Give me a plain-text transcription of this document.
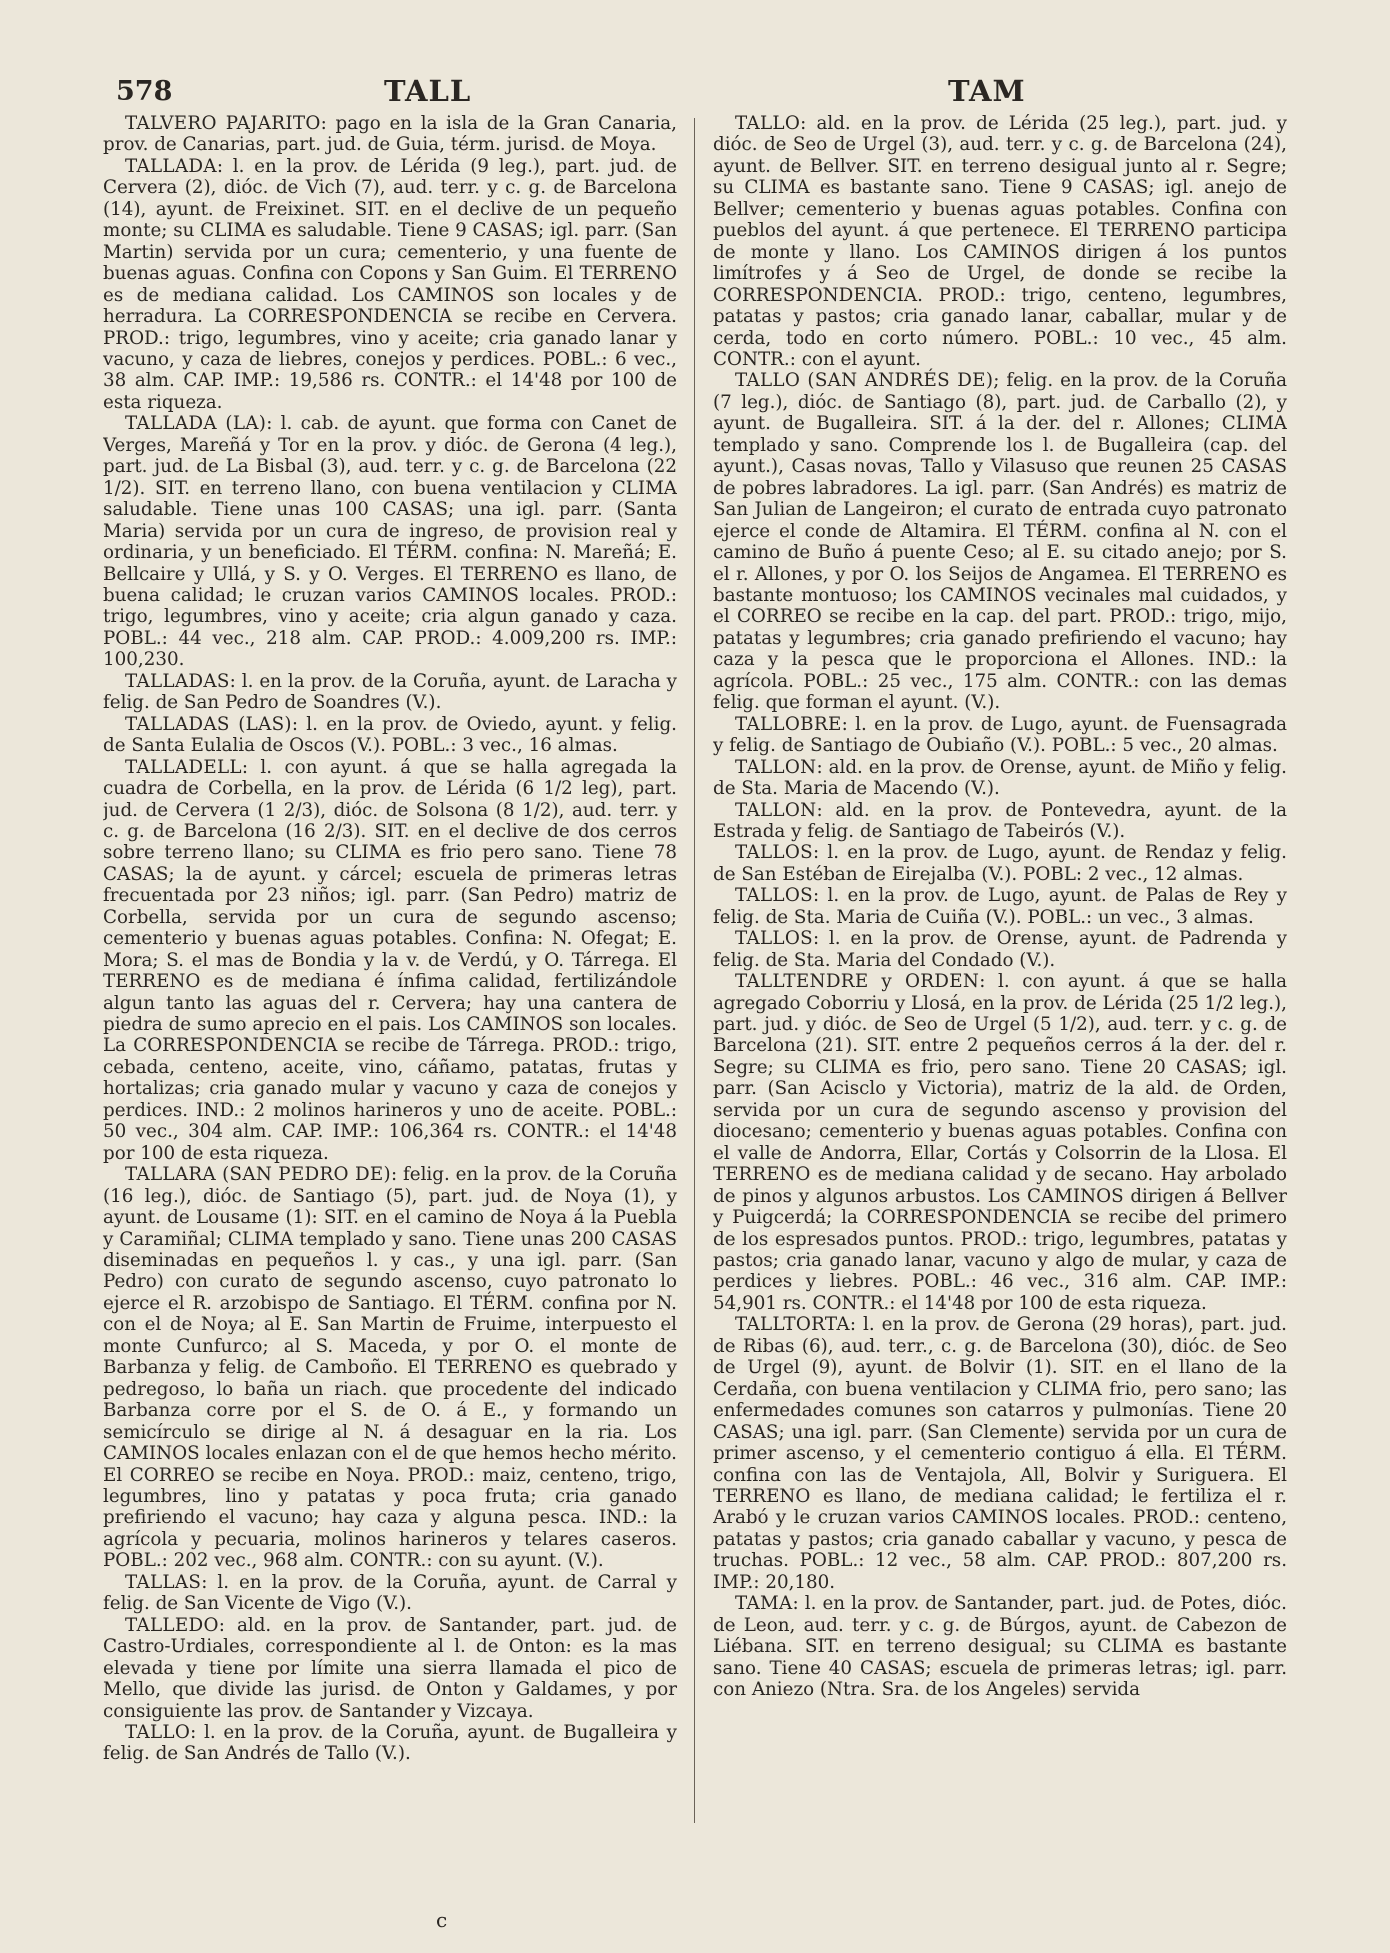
578	TALL	TAM

TALVERO PAJARITO: pago en la isla de la Gran Canaria, prov. de Canarias, part. jud. de Guia, térm. jurisd. de Moya.

TALLADA: l. en la prov. de Lérida (9 leg.), part. jud. de Cervera (2), dióc. de Vich (7), aud. terr. y c. g. de Barcelona (14), ayunt. de Freixinet. SIT. en el declive de un pequeño monte; su CLIMA es saludable. Tiene 9 CASAS; igl. parr. (San Martin) servida por un cura; cementerio, y una fuente de buenas aguas. Confina con Copons y San Guim. El TERRENO es de mediana calidad. Los CAMINOS son locales y de herradura. La CORRESPONDENCIA se recibe en Cervera. PROD.: trigo, legumbres, vino y aceite; cria ganado lanar y vacuno, y caza de liebres, conejos y perdices. POBL.: 6 vec., 38 alm. CAP. IMP.: 19,586 rs. CONTR.: el 14'48 por 100 de esta riqueza.

TALLADA (LA): l. cab. de ayunt. que forma con Canet de Verges, Mareñá y Tor en la prov. y dióc. de Gerona (4 leg.), part. jud. de La Bisbal (3), aud. terr. y c. g. de Barcelona (22 1/2). SIT. en terreno llano, con buena ventilacion y CLIMA saludable. Tiene unas 100 CASAS; una igl. parr. (Santa Maria) servida por un cura de ingreso, de provision real y ordinaria, y un beneficiado. El TÉRM. confina: N. Mareñá; E. Bellcaire y Ullá, y S. y O. Verges. El TERRENO es llano, de buena calidad; le cruzan varios CAMINOS locales. PROD.: trigo, legumbres, vino y aceite; cria algun ganado y caza. POBL.: 44 vec., 218 alm. CAP. PROD.: 4.009,200 rs. IMP.: 100,230.

TALLADAS: l. en la prov. de la Coruña, ayunt. de Laracha y felig. de San Pedro de Soandres (V.).

TALLADAS (LAS): l. en la prov. de Oviedo, ayunt. y felig. de Santa Eulalia de Oscos (V.). POBL.: 3 vec., 16 almas.

TALLADELL: l. con ayunt. á que se halla agregada la cuadra de Corbella, en la prov. de Lérida (6 1/2 leg), part. jud. de Cervera (1 2/3), dióc. de Solsona (8 1/2), aud. terr. y c. g. de Barcelona (16 2/3). SIT. en el declive de dos cerros sobre terreno llano; su CLIMA es frio pero sano. Tiene 78 CASAS; la de ayunt. y cárcel; escuela de primeras letras frecuentada por 23 niños; igl. parr. (San Pedro) matriz de Corbella, servida por un cura de segundo ascenso; cementerio y buenas aguas potables. Confina: N. Ofegat; E. Mora; S. el mas de Bondia y la v. de Verdú, y O. Tárrega. El TERRENO es de mediana é ínfima calidad, fertilizándole algun tanto las aguas del r. Cervera; hay una cantera de piedra de sumo aprecio en el pais. Los CAMINOS son locales. La CORRESPONDENCIA se recibe de Tárrega. PROD.: trigo, cebada, centeno, aceite, vino, cáñamo, patatas, frutas y hortalizas; cria ganado mular y vacuno y caza de conejos y perdices. IND.: 2 molinos harineros y uno de aceite. POBL.: 50 vec., 304 alm. CAP. IMP.: 106,364 rs. CONTR.: el 14'48 por 100 de esta riqueza.

TALLARA (SAN PEDRO DE): felig. en la prov. de la Coruña (16 leg.), dióc. de Santiago (5), part. jud. de Noya (1), y ayunt. de Lousame (1): SIT. en el camino de Noya á la Puebla y Caramiñal; CLIMA templado y sano. Tiene unas 200 CASAS diseminadas en pequeños l. y cas., y una igl. parr. (San Pedro) con curato de segundo ascenso, cuyo patronato lo ejerce el R. arzobispo de Santiago. El TÉRM. confina por N. con el de Noya; al E. San Martin de Fruime, interpuesto el monte Cunfurco; al S. Maceda, y por O. el monte de Barbanza y felig. de Camboño. El TERRENO es quebrado y pedregoso, lo baña un riach. que procedente del indicado Barbanza corre por el S. de O. á E., y formando un semicírculo se dirige al N. á desaguar en la ria. Los CAMINOS locales enlazan con el de que hemos hecho mérito. El CORREO se recibe en Noya. PROD.: maiz, centeno, trigo, legumbres, lino y patatas y poca fruta; cria ganado prefiriendo el vacuno; hay caza y alguna pesca. IND.: la agrícola y pecuaria, molinos harineros y telares caseros. POBL.: 202 vec., 968 alm. CONTR.: con su ayunt. (V.).

TALLAS: l. en la prov. de la Coruña, ayunt. de Carral y felig. de San Vicente de Vigo (V.).

TALLEDO: ald. en la prov. de Santander, part. jud. de Castro-Urdiales, correspondiente al l. de Onton: es la mas elevada y tiene por límite una sierra llamada el pico de Mello, que divide las jurisd. de Onton y Galdames, y por consiguiente las prov. de Santander y Vizcaya.

TALLO: l. en la prov. de la Coruña, ayunt. de Bugalleira y felig. de San Andrés de Tallo (V.).

TALLO: ald. en la prov. de Lérida (25 leg.), part. jud. y dióc. de Seo de Urgel (3), aud. terr. y c. g. de Barcelona (24), ayunt. de Bellver. SIT. en terreno desigual junto al r. Segre; su CLIMA es bastante sano. Tiene 9 CASAS; igl. anejo de Bellver; cementerio y buenas aguas potables. Confina con pueblos del ayunt. á que pertenece. El TERRENO participa de monte y llano. Los CAMINOS dirigen á los puntos limítrofes y á Seo de Urgel, de donde se recibe la CORRESPONDENCIA. PROD.: trigo, centeno, legumbres, patatas y pastos; cria ganado lanar, caballar, mular y de cerda, todo en corto número. POBL.: 10 vec., 45 alm. CONTR.: con el ayunt.

TALLO (SAN ANDRÉS DE); felig. en la prov. de la Coruña (7 leg.), dióc. de Santiago (8), part. jud. de Carballo (2), y ayunt. de Bugalleira. SIT. á la der. del r. Allones; CLIMA templado y sano. Comprende los l. de Bugalleira (cap. del ayunt.), Casas novas, Tallo y Vilasuso que reunen 25 CASAS de pobres labradores. La igl. parr. (San Andrés) es matriz de San Julian de Langeiron; el curato de entrada cuyo patronato ejerce el conde de Altamira. El TÉRM. confina al N. con el camino de Buño á puente Ceso; al E. su citado anejo; por S. el r. Allones, y por O. los Seijos de Angamea. El TERRENO es bastante montuoso; los CAMINOS vecinales mal cuidados, y el CORREO se recibe en la cap. del part. PROD.: trigo, mijo, patatas y legumbres; cria ganado prefiriendo el vacuno; hay caza y la pesca que le proporciona el Allones. IND.: la agrícola. POBL.: 25 vec., 175 alm. CONTR.: con las demas felig. que forman el ayunt. (V.).

TALLOBRE: l. en la prov. de Lugo, ayunt. de Fuensagrada y felig. de Santiago de Oubiaño (V.). POBL.: 5 vec., 20 almas.

TALLON: ald. en la prov. de Orense, ayunt. de Miño y felig. de Sta. Maria de Macendo (V.).

TALLON: ald. en la prov. de Pontevedra, ayunt. de la Estrada y felig. de Santiago de Tabeirós (V.).

TALLOS: l. en la prov. de Lugo, ayunt. de Rendaz y felig. de San Estéban de Eirejalba (V.). POBL: 2 vec., 12 almas.

TALLOS: l. en la prov. de Lugo, ayunt. de Palas de Rey y felig. de Sta. Maria de Cuiña (V.). POBL.: un vec., 3 almas.

TALLOS: l. en la prov. de Orense, ayunt. de Padrenda y felig. de Sta. Maria del Condado (V.).

TALLTENDRE y ORDEN: l. con ayunt. á que se halla agregado Coborriu y Llosá, en la prov. de Lérida (25 1/2 leg.), part. jud. y dióc. de Seo de Urgel (5 1/2), aud. terr. y c. g. de Barcelona (21). SIT. entre 2 pequeños cerros á la der. del r. Segre; su CLIMA es frio, pero sano. Tiene 20 CASAS; igl. parr. (San Acisclo y Victoria), matriz de la ald. de Orden, servida por un cura de segundo ascenso y provision del diocesano; cementerio y buenas aguas potables. Confina con el valle de Andorra, Ellar, Cortás y Colsorrin de la Llosa. El TERRENO es de mediana calidad y de secano. Hay arbolado de pinos y algunos arbustos. Los CAMINOS dirigen á Bellver y Puigcerdá; la CORRESPONDENCIA se recibe del primero de los espresados puntos. PROD.: trigo, legumbres, patatas y pastos; cria ganado lanar, vacuno y algo de mular, y caza de perdices y liebres. POBL.: 46 vec., 316 alm. CAP. IMP.: 54,901 rs. CONTR.: el 14'48 por 100 de esta riqueza.

TALLTORTA: l. en la prov. de Gerona (29 horas), part. jud. de Ribas (6), aud. terr., c. g. de Barcelona (30), dióc. de Seo de Urgel (9), ayunt. de Bolvir (1). SIT. en el llano de la Cerdaña, con buena ventilacion y CLIMA frio, pero sano; las enfermedades comunes son catarros y pulmonías. Tiene 20 CASAS; una igl. parr. (San Clemente) servida por un cura de primer ascenso, y el cementerio contiguo á ella. El TÉRM. confina con las de Ventajola, All, Bolvir y Suriguera. El TERRENO es llano, de mediana calidad; le fertiliza el r. Arabó y le cruzan varios CAMINOS locales. PROD.: centeno, patatas y pastos; cria ganado caballar y vacuno, y pesca de truchas. POBL.: 12 vec., 58 alm. CAP. PROD.: 807,200 rs. IMP.: 20,180.

TAMA: l. en la prov. de Santander, part. jud. de Potes, dióc. de Leon, aud. terr. y c. g. de Búrgos, ayunt. de Cabezon de Liébana. SIT. en terreno desigual; su CLIMA es bastante sano. Tiene 40 CASAS; escuela de primeras letras; igl. parr. con Aniezo (Ntra. Sra. de los Angeles) servida

c
